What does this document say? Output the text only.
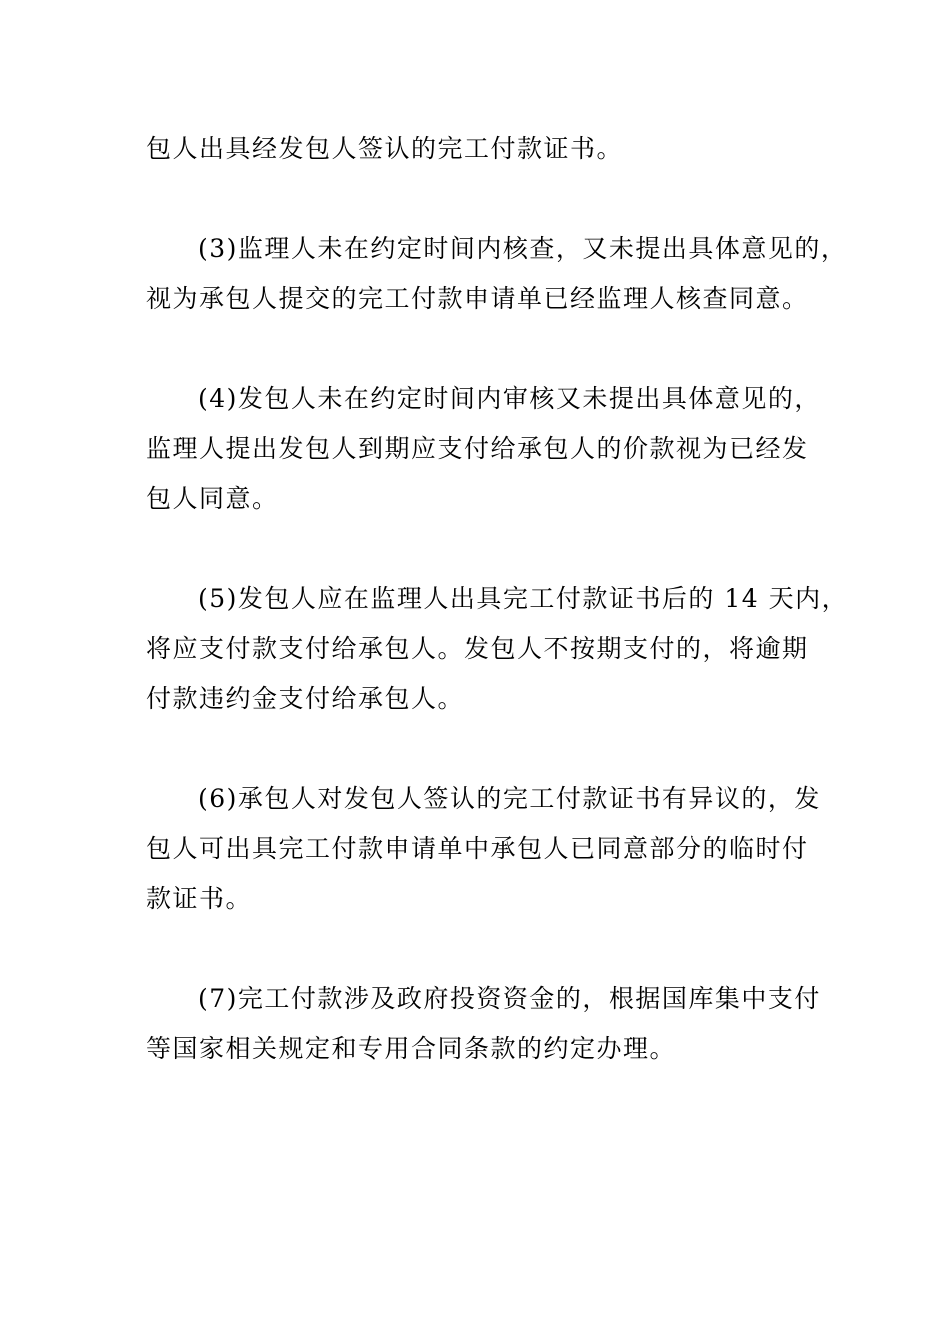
包人出具经发包人签认的完工付款证书。

(3)监理人未在约定时间内核查，又未提出具体意见的，
视为承包人提交的完工付款申请单已经监理人核查同意。

(4)发包人未在约定时间内审核又未提出具体意见的，
监理人提出发包人到期应支付给承包人的价款视为已经发
包人同意。

(5)发包人应在监理人出具完工付款证书后的 14 天内，
将应支付款支付给承包人。发包人不按期支付的，将逾期
付款违约金支付给承包人。

(6)承包人对发包人签认的完工付款证书有异议的，发
包人可出具完工付款申请单中承包人已同意部分的临时付
款证书。

(7)完工付款涉及政府投资资金的，根据国库集中支付
等国家相关规定和专用合同条款的约定办理。
